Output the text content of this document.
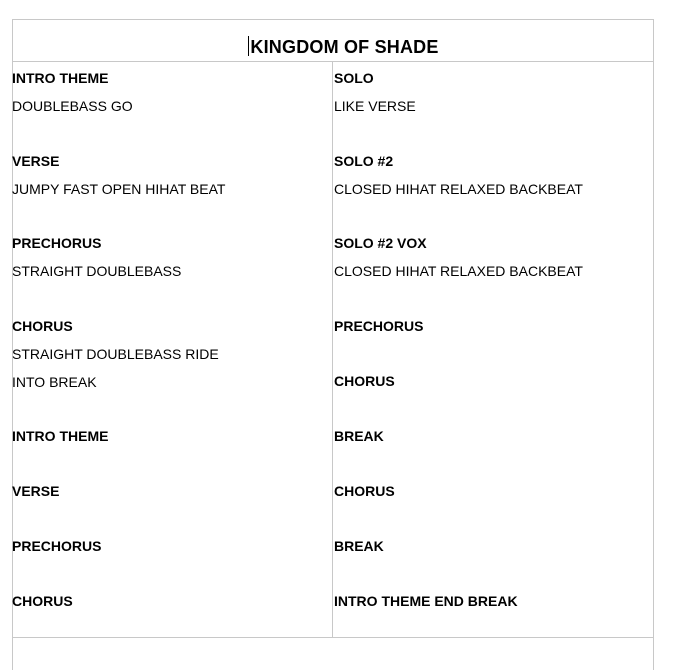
KINGDOM OF SHADE
INTRO THEME
DOUBLEBASS GO
VERSE
JUMPY FAST OPEN HIHAT BEAT
PRECHORUS
STRAIGHT DOUBLEBASS
CHORUS
STRAIGHT DOUBLEBASS RIDE
INTO BREAK
INTRO THEME
VERSE
PRECHORUS
CHORUS
SOLO
LIKE VERSE
SOLO #2
CLOSED HIHAT RELAXED BACKBEAT
SOLO #2 VOX
CLOSED HIHAT RELAXED BACKBEAT
PRECHORUS
CHORUS
BREAK
CHORUS
BREAK
INTRO THEME END BREAK
